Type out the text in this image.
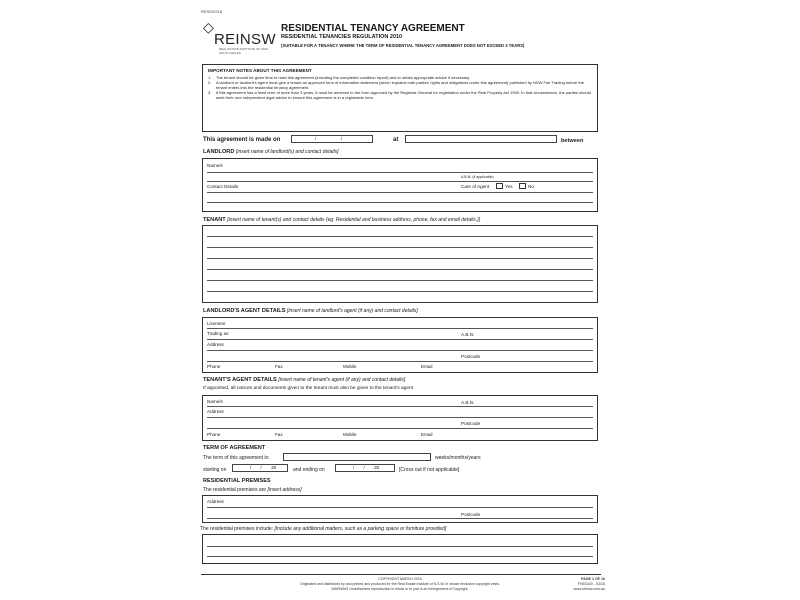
RESID0218
◇
REINSW
REAL ESTATE INSTITUTE OF NEW SOUTH WALES
RESIDENTIAL TENANCY AGREEMENT
RESIDENTIAL TENANCIES REGULATION 2010
(SUITABLE FOR A TENANCY WHERE THE TERM OF RESIDENTIAL TENANCY AGREEMENT DOES NOT EXCEED 3 YEARS)
IMPORTANT NOTES ABOUT THIS AGREEMENT
1. The tenant should be given time to read this agreement (including the completed condition report) and to obtain appropriate advice if necessary.
2. A landlord or landlord's agent must give a tenant an approved form of information statement (which explains both parties' rights and obligations under this agreement) published by NSW Fair Trading before the tenant enters into the residential tenancy agreement.
3. If this agreement has a fixed term of more than 3 years, it must be annexed to the form approved by the Registrar-General for registration under the Real Property Act 1900. In that circumstance, the parties should seek their own independent legal advice to ensure this agreement is in a registrable form.
This agreement is made on	/	/	at	between
LANDLORD [insert name of landlord(s) and contact details]
Name/s
A.B.N. (if applicable)
Contact Details	Care of Agent	Yes	No
TENANT [insert name of tenant(s) and contact details (eg. Residential and business address, phone, fax and email details.)]
LANDLORD'S AGENT DETAILS [insert name of landlord's agent (if any) and contact details]
Licensee
Trading as	A.B.N.
Address
Postcode
Phone	Fax	Mobile	Email
TENANT'S AGENT DETAILS [insert name of tenant's agent (if any) and contact details]
If appointed, all notices and documents given to the tenant must also be given to the tenant's agent
Name/s	A.B.N.
Address
Postcode
Phone	Fax	Mobile	Email
TERM OF AGREEMENT
The term of this agreement is:	weeks/months/years
starting on	/ / 20	and ending on	/ / 20	[Cross out if not applicable]
RESIDENTIAL PREMISES
The residential premises are [insert address]
Address
Postcode
The residential premises include: [include any additional matters, such as a parking space or furniture provided]
COPYRIGHT MARCH 2015
Originated and distributed by and printed and produced for the Real Estate Institute of N.S.W. in whose exclusive copyright vests.
WARNING Unauthorised reproduction in whole or in part is an infringement of Copyright.
PAGE 1 OF 16
FN03420 - 03/15
www.reinsw.com.au
